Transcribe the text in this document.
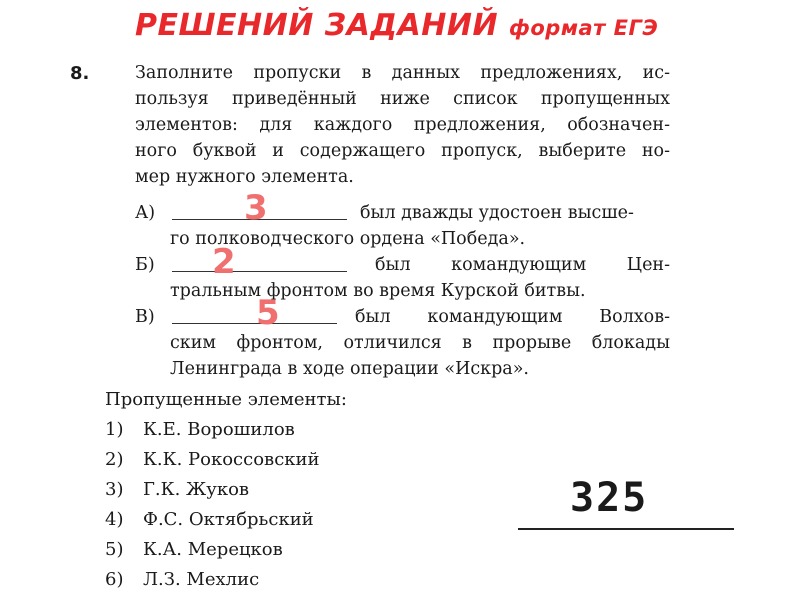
РЕШЕНИЙ ЗАДАНИЙ формат ЕГЭ
8.	Заполните пропуски в данных предложениях, ис-
пользуя приведённый ниже список пропущенных
элементов: для каждого предложения, обозначен-
ного буквой и содержащего пропуск, выберите но-
мер нужного элемента.
А)	3	был дважды удостоен высше-
го полководческого ордена «Победа».
Б) 2	был командующим Цен-
тральным фронтом во время Курской битвы.
В)	5	был командующим Волхов-
ским фронтом, отличился в прорыве блокады
Ленинграда в ходе операции «Искра».
Пропущенные элементы:
1) К.Е. Ворошилов
2) К.К. Рокоссовский
3) Г.К. Жуков
4) Ф.С. Октябрьский
5) К.А. Мерецков
6) Л.З. Мехлис
325
